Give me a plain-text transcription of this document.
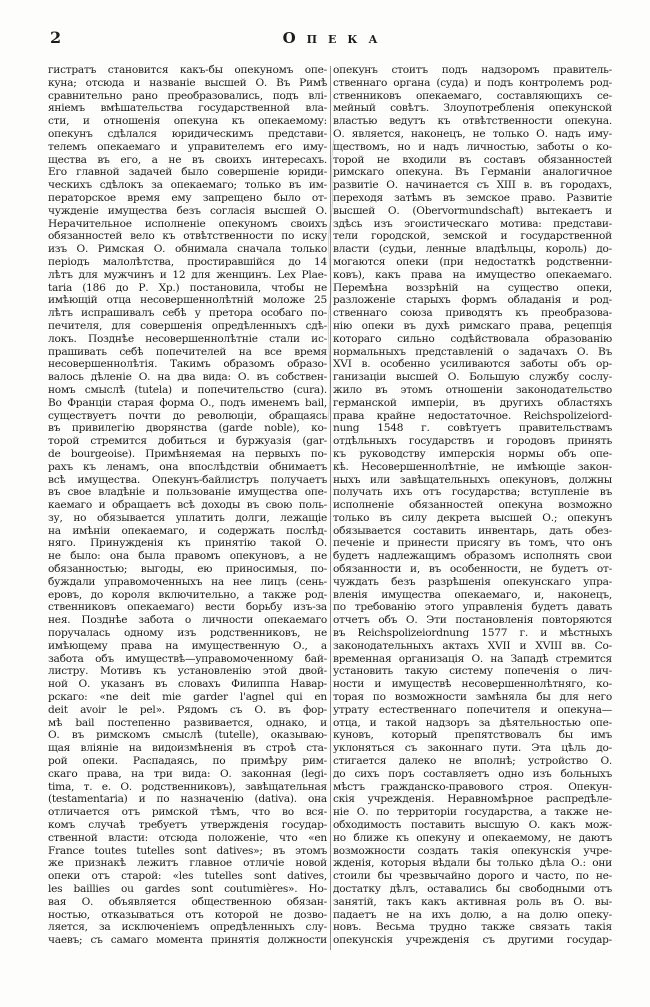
2	Опека
гистратъ становится какъ-бы опекуномъ опе-
куна; отсюда и названіе высшей О. Въ Римѣ
сравнительно рано преобразовались, подъ влі-
яніемъ вмѣшательства государственной вла-
сти, и отношенія опекуна къ опекаемому:
опекунъ сдѣлался юридическимъ представи-
телемъ опекаемаго и управителемъ его иму-
щества въ его, а не въ своихъ интересахъ.
Его главной задачей было совершеніе юриди-
ческихъ сдѣлокъ за опекаемаго; только въ им-
ператорское время ему запрещено было от-
чужденіе имущества безъ согласія высшей О.
Нерачительное исполненіе опекуномъ своихъ
обязанностей вело къ отвѣтственности по иску
изъ О. Римская О. обнимала сначала только
періодъ малолѣтства, простиравшійся до 14
лѣтъ для мужчинъ и 12 для женщинъ. Lex Plae-
taria (186 до Р. Хр.) постановила, чтобы не
имѣющій отца несовершеннолѣтній моложе 25
лѣтъ испрашивалъ себѣ у претора особаго по-
печителя, для совершенія опредѣленныхъ сдѣ-
локъ. Позднѣе несовершеннолѣтніе стали ис-
прашивать себѣ попечителей на все время
несовершеннолѣтія. Такимъ образомъ образо-
валось дѣленіе О. на два вида: О. въ собствен-
номъ смыслѣ (tutela) и попечительство (cura).
Во Франціи старая форма О., подъ именемъ bail,
существуетъ почти до революціи, обращаясь
въ привилегію дворянства (garde noble), ко-
торой стремится добиться и буржуазія (gar-
de bourgeoise). Примѣняемая на первыхъ по-
рахъ къ ленамъ, она впослѣдствіи обнимаетъ
всѣ имущества. Опекунъ-байлистръ получаетъ
въ свое владѣніе и пользованіе имущества опе-
каемаго и обращаетъ всѣ доходы въ свою поль-
зу, но обязывается уплатить долги, лежащіе
на имѣніи опекаемаго, и содержать послѣд-
няго. Принужденія къ принятію такой О.
не было: она была правомъ опекуновъ, а не
обязанностью; выгоды, ею приносимыя, по-
буждали управомоченныхъ на нее лицъ (сень-
еровъ, до короля включительно, а также род-
ственниковъ опекаемаго) вести борьбу изъ-за
нея. Позднѣе забота о личности опекаемаго
поручалась одному изъ родственниковъ, не
имѣющему права на имущественную О., а
забота объ имуществѣ—управомоченному бай-
листру. Мотивъ къ установленію этой двой-
ной О. указанъ въ словахъ Филиппа Навар-
рскаго: «ne deit mie garder l'agnel qui en
deit avoir le pel». Рядомъ съ О. въ фор-
мѣ bail постепенно развивается, однако, и
О. въ римскомъ смыслѣ (tutelle), оказываю-
щая вліяніе на видоизмѣненія въ строѣ ста-
рой опеки. Распадаясь, по примѣру рим-
скаго права, на три вида: О. законная (legi-
tima, т. е. О. родственниковъ), завѣщательная
(testamentaria) и по назначенію (dativa). она
отличается отъ римской тѣмъ, что во вся-
комъ случаѣ требуетъ утвержденія государ-
ственной власти: отсюда положеніе, что «en
France toutes tutelles sont datives»; въ этомъ
же признакѣ лежитъ главное отличіе новой
опеки отъ старой: «les tutelles sont datives,
les baillies ou gardes sont coutumières». Но-
вая О. объявляется общественною обязан-
ностью, отказываться отъ которой не дозво-
ляется, за исключеніемъ опредѣленныхъ слу-
чаевъ; съ самаго момента принятія должности
опекунъ стоитъ подъ надзоромъ правитель-
ственнаго органа (суда) и подъ контролемъ род-
ственниковъ опекаемаго, составляющихъ се-
мейный совѣтъ. Злоупотребленія опекунской
властью ведутъ къ отвѣтственности опекуна.
О. является, наконецъ, не только О. надъ иму-
ществомъ, но и надъ личностью, заботы о ко-
торой не входили въ составъ обязанностей
римскаго опекуна. Въ Германіи аналогичное
развитіе О. начинается съ XIII в. въ городахъ,
переходя затѣмъ въ земское право. Развитіе
высшей О. (Obervormundschaft) вытекаетъ и
здѣсь изъ эгоистическаго мотива: представи-
тели городской, земской и государственной
власти (судьи, ленные владѣльцы, король) до-
могаются опеки (при недостаткѣ родственни-
ковъ), какъ права на имущество опекаемаго.
Перемѣна воззрѣній на существо опеки,
разложеніе старыхъ формъ обладанія и род-
ственнаго союза приводятъ къ преобразова-
нію опеки въ духѣ римскаго права, рецепція
котораго сильно содѣйствовала образованію
нормальныхъ представленій о задачахъ О. Въ
XVI в. особенно усиливаются заботы объ ор-
ганизаціи высшей О. Большую службу сослу-
жило въ этомъ отношеніи законодательство
германской имперіи, въ другихъ областяхъ
права крайне недостаточное. Reichspolizeiord-
nung 1548 г. совѣтуетъ правительствамъ
отдѣльныхъ государствъ и городовъ принять
къ руководству имперскія нормы объ опе-
кѣ. Несовершеннолѣтніе, не имѣющіе закон-
ныхъ или завѣщательныхъ опекуновъ, должны
получать ихъ отъ государства; вступленіе въ
исполненіе обязанностей опекуна возможно
только въ силу декрета высшей О.; опекунъ
обязывается составить инвентарь, дать обез-
печеніе и принести присягу въ томъ, что онъ
будетъ надлежащимъ образомъ исполнять свои
обязанности и, въ особенности, не будетъ от-
чуждать безъ разрѣшенія опекунскаго упра-
вленія имущества опекаемаго, и, наконецъ,
по требованію этого управленія будетъ давать
отчетъ объ О. Эти постановленія повторяются
въ Reichspolizeiordnung 1577 г. и мѣстныхъ
законодательныхъ актахъ XVII и XVIII вв. Со-
временная организація О. на Западѣ стремится
установить такую систему попеченія о лич-
ности и имуществѣ несовершеннолѣтняго, ко-
торая по возможности замѣняла бы для него
утрату естественнаго попечителя и опекуна—
отца, и такой надзоръ за дѣятельностью опе-
куновъ, который препятствовалъ бы имъ
уклоняться съ законнаго пути. Эта цѣль до-
стигается далеко не вполнѣ; устройство О.
до сихъ поръ составляетъ одно изъ больныхъ
мѣстъ гражданско-правового строя. Опекун-
скія учрежденія. Неравномѣрное распредѣле-
ніе О. по территоріи государства, а также не-
обходимость поставить высшую О. какъ мож-
но ближе къ опекуну и опекаемому, не даютъ
возможности создать такія опекунскія учре-
жденія, которыя вѣдали бы только дѣла О.: они
стоили бы чрезвычайно дорого и часто, по не-
достатку дѣлъ, оставались бы свободными отъ
занятій, такъ какъ активная роль въ О. вы-
падаетъ не на ихъ долю, а на долю опеку-
новъ. Весьма трудно также связать такія
опекунскія учрежденія съ другими государ-
